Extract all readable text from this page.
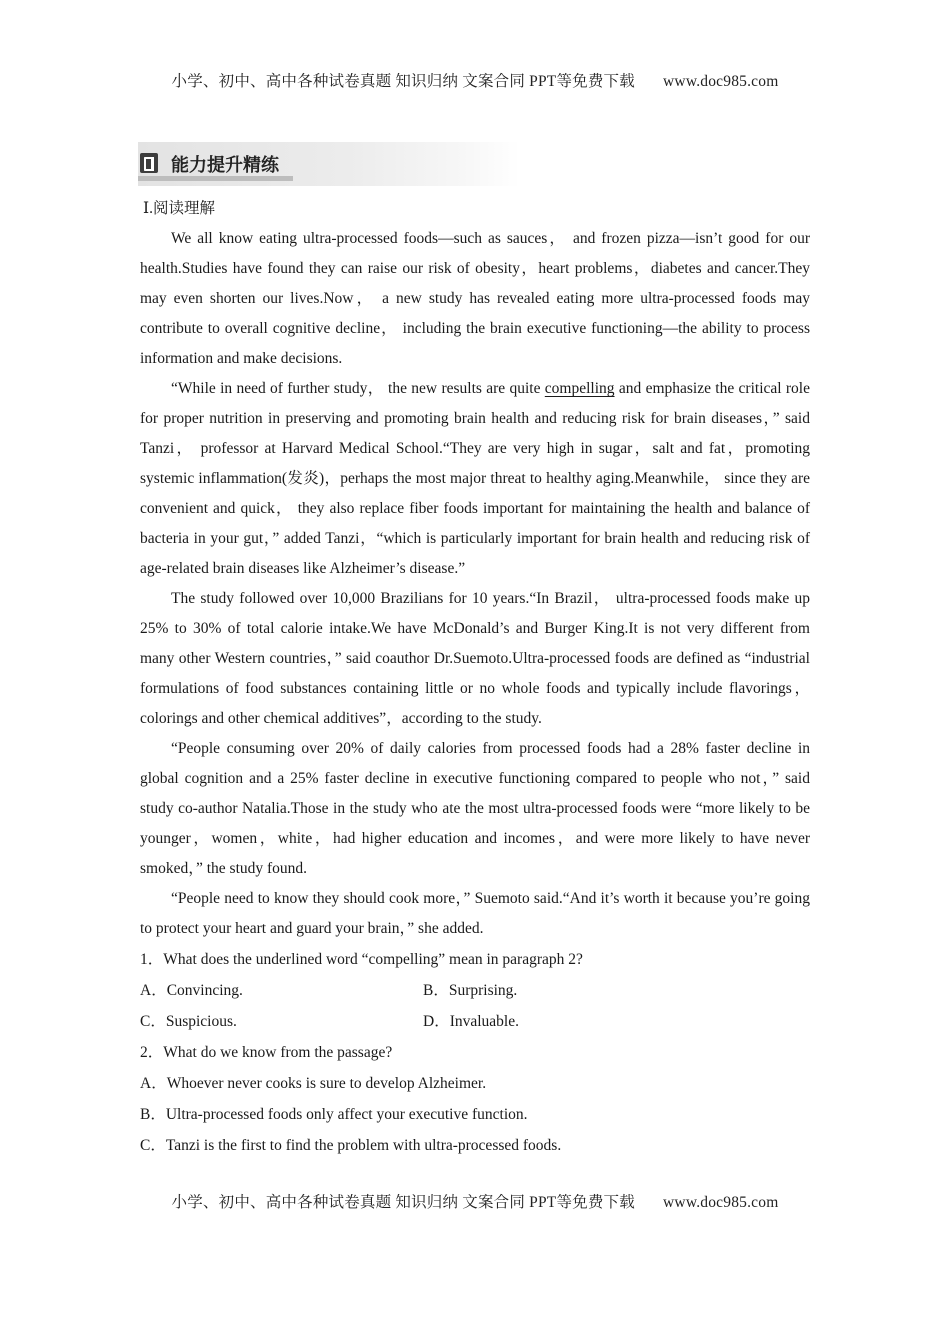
小学、初中、高中各种试卷真题 知识归纳 文案合同 PPT等免费下载 www.doc985.com
能力提升精练
Ⅰ.阅读理解

We all know eating ultra-processed foods—such as sauces， and frozen pizza—isn’t good for our health.Studies have found they can raise our risk of obesity，heart problems，diabetes and cancer.They may even shorten our lives.Now， a new study has revealed eating more ultra-processed foods may contribute to overall cognitive decline， including the brain executive functioning—the ability to process information and make decisions.

“While in need of further study， the new results are quite compelling and emphasize the critical role for proper nutrition in preserving and promoting brain health and reducing risk for brain diseases，” said Tanzi， professor at Harvard Medical School.“They are very high in sugar，salt and fat，promoting systemic inflammation(发炎)，perhaps the most major threat to healthy aging.Meanwhile， since they are convenient and quick， they also replace fiber foods important for maintaining the health and balance of bacteria in your gut，” added Tanzi，“which is particularly important for brain health and reducing risk of age-related brain diseases like Alzheimer’s disease.”

The study followed over 10,000 Brazilians for 10 years.“In Brazil， ultra-processed foods make up 25% to 30% of total calorie intake.We have McDonald’s and Burger King.It is not very different from many other Western countries，” said coauthor Dr.Suemoto.Ultra-processed foods are defined as “industrial formulations of food substances containing little or no whole foods and typically include flavorings，colorings and other chemical additives”，according to the study.

“People consuming over 20% of daily calories from processed foods had a 28% faster decline in global cognition and a 25% faster decline in executive functioning compared to people who not，” said study co-author Natalia.Those in the study who ate the most ultra-processed foods were “more likely to be younger，women，white，had higher education and incomes，and were more likely to have never smoked，” the study found.

“People need to know they should cook more，” Suemoto said.“And it’s worth it because you’re going to protect your heart and guard your brain，” she added.

1．What does the underlined word “compelling” mean in paragraph 2?
A．Convincing.	B．Surprising.
C．Suspicious.	D．Invaluable.
2．What do we know from the passage?
A．Whoever never cooks is sure to develop Alzheimer.
B．Ultra-processed foods only affect your executive function.
C．Tanzi is the first to find the problem with ultra-processed foods.
小学、初中、高中各种试卷真题 知识归纳 文案合同 PPT等免费下载 www.doc985.com
